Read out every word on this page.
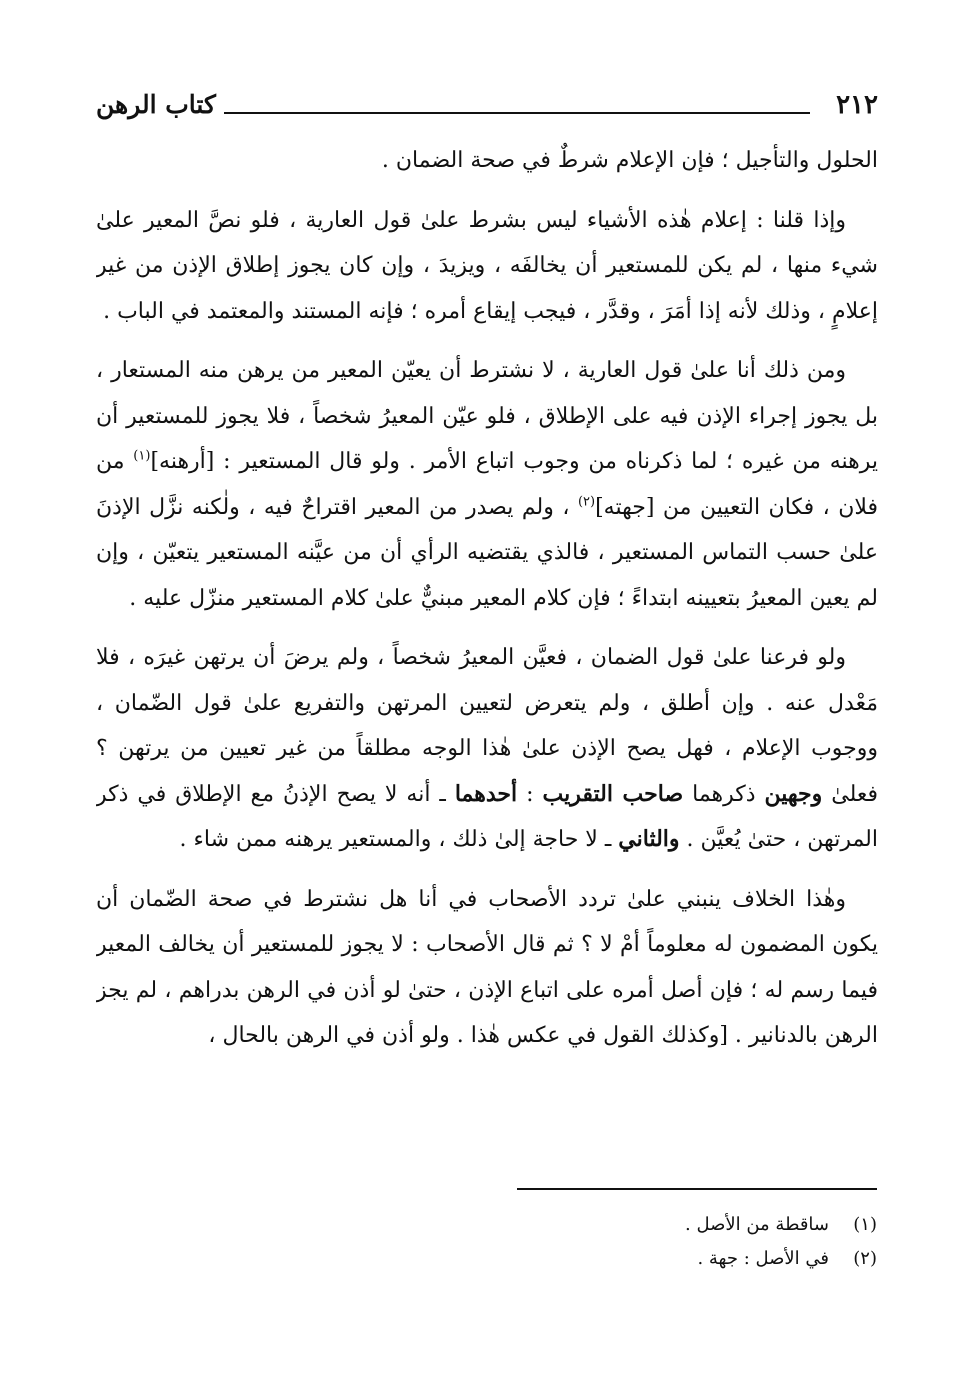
٢١٢
كتاب الرهن

الحلول والتأجيل ؛ فإن الإعلام شرطٌ في صحة الضمان .

وإذا قلنا : إعلام هٰذه الأشياء ليس بشرط علىٰ قول العارية ، فلو نصَّ المعير علىٰ شيء منها ، لم يكن للمستعير أن يخالفَه ، ويزيدَ ، وإن كان يجوز إطلاق الإذن من غير إعلامٍ ، وذلك لأنه إذا أمَرَ ، وقدَّر ، فيجب إيقاع أمره ؛ فإنه المستند والمعتمد في الباب .

ومن ذلك أنا علىٰ قول العارية ، لا نشترط أن يعيّن المعير من يرهن منه المستعار ، بل يجوز إجراء الإذن فيه على الإطلاق ، فلو عيّن المعيرُ شخصاً ، فلا يجوز للمستعير أن يرهنه من غيره ؛ لما ذكرناه من وجوب اتباع الأمر . ولو قال المستعير : [أرهنه]$^{(١)}$ من فلان ، فكان التعيين من [جهته]$^{(٢)}$ ، ولم يصدر من المعير اقتراحٌ فيه ، ولٰكنه نزَّل الإذنَ علىٰ حسب التماس المستعير ، فالذي يقتضيه الرأي أن من عيَّنه المستعير يتعيّن ، وإن لم يعين المعيرُ بتعيينه ابتداءً ؛ فإن كلام المعير مبنيٌّ علىٰ كلام المستعير منزّل عليه .

ولو فرعنا علىٰ قول الضمان ، فعيَّن المعيرُ شخصاً ، ولم يرضَ أن يرتهن غيرَه ، فلا مَعْدل عنه . وإن أطلق ، ولم يتعرض لتعيين المرتهن والتفريع علىٰ قول الضّمان ، ووجوب الإعلام ، فهل يصح الإذن علىٰ هٰذا الوجه مطلقاً من غير تعيين من يرتهن ؟ فعلىٰ وجهين ذكرهما صاحب التقريب : أحدهما ـ أنه لا يصح الإذنُ مع الإطلاق في ذكر المرتهن ، حتىٰ يُعيَّن . والثاني ـ لا حاجة إلىٰ ذلك ، والمستعير يرهنه ممن شاء .

وهٰذا الخلاف ينبني علىٰ تردد الأصحاب في أنا هل نشترط في صحة الضّمان أن يكون المضمون له معلوماً أمْ لا ؟ ثم قال الأصحاب : لا يجوز للمستعير أن يخالف المعير فيما رسم له ؛ فإن أصل أمره على اتباع الإذن ، حتىٰ لو أذن في الرهن بدراهم ، لم يجز الرهن بالدنانير . [وكذلك القول في عكس هٰذا . ولو أذن في الرهن بالحال ،

(١)ساقطة من الأصل .
(٢)في الأصل : جهة .
